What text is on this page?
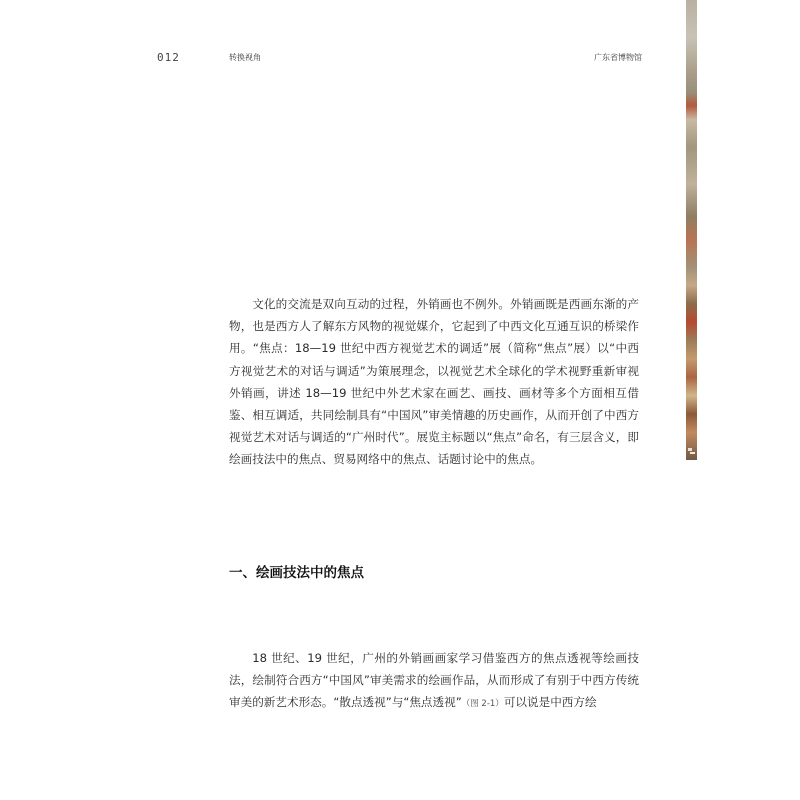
012	转换视角	广东省博物馆

文化的交流是双向互动的过程，外销画也不例外。外销画既是西画东渐的产物，也是西方人了解东方风物的视觉媒介，它起到了中西文化互通互识的桥梁作用。“焦点：18—19 世纪中西方视觉艺术的调适”展（简称“焦点”展）以“中西方视觉艺术的对话与调适”为策展理念，以视觉艺术全球化的学术视野重新审视外销画，讲述 18—19 世纪中外艺术家在画艺、画技、画材等多个方面相互借鉴、相互调适，共同绘制具有“中国风”审美情趣的历史画作，从而开创了中西方视觉艺术对话与调适的“广州时代”。展览主标题以“焦点”命名，有三层含义，即绘画技法中的焦点、贸易网络中的焦点、话题讨论中的焦点。

一、绘画技法中的焦点

18 世纪、19 世纪，广州的外销画画家学习借鉴西方的焦点透视等绘画技法，绘制符合西方“中国风”审美需求的绘画作品，从而形成了有别于中西方传统审美的新艺术形态。“散点透视”与“焦点透视”（图 2-1）可以说是中西方绘
